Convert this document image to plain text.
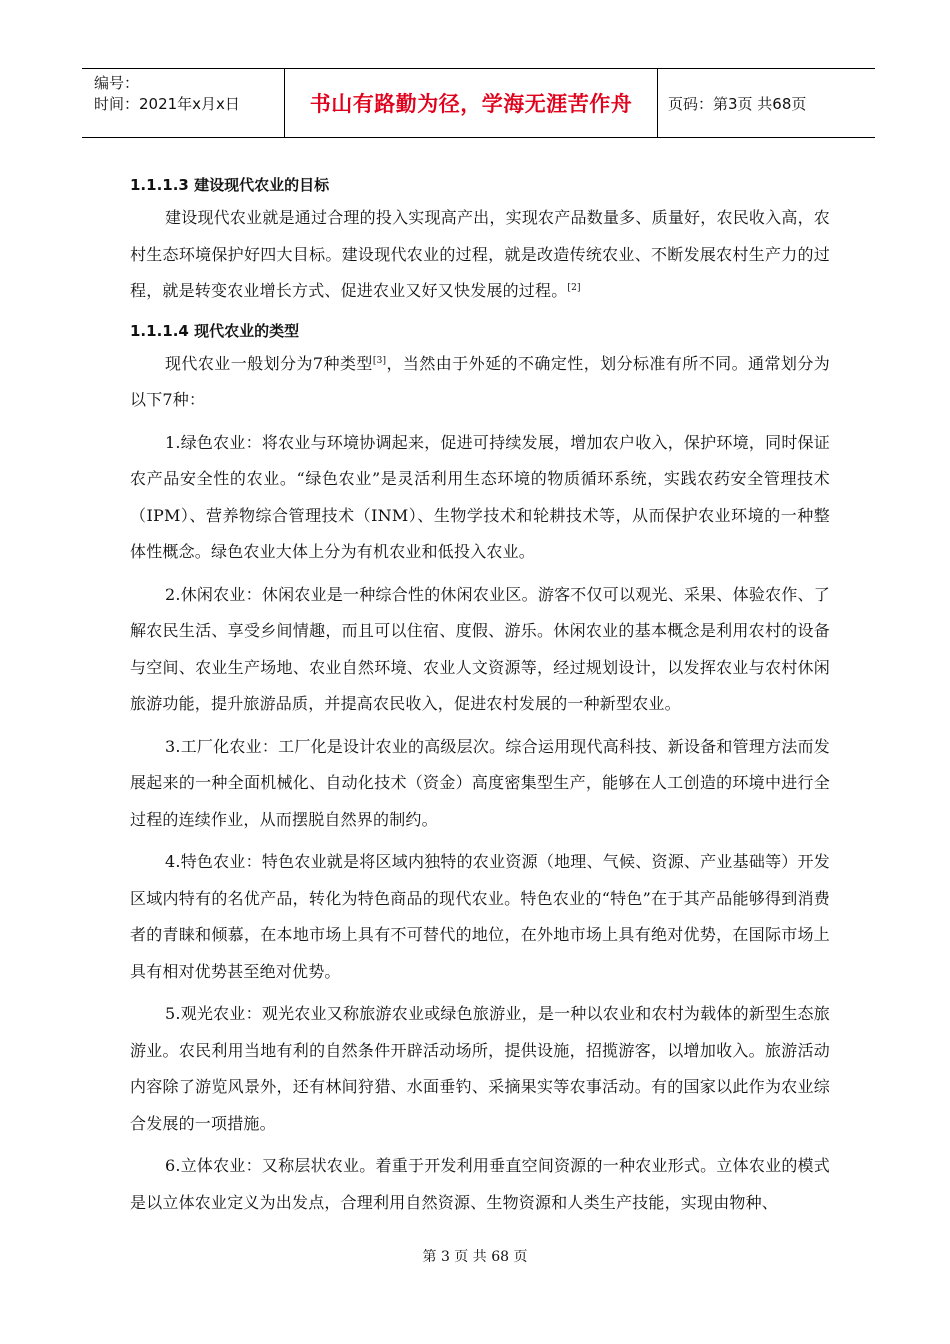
编号：
时间：2021年x月x日	书山有路勤为径，学海无涯苦作舟	页码：第3页 共68页
1.1.1.3 建设现代农业的目标

建设现代农业就是通过合理的投入实现高产出，实现农产品数量多、质量好，农民收入高，农村生态环境保护好四大目标。建设现代农业的过程，就是改造传统农业、不断发展农村生产力的过程，就是转变农业增长方式、促进农业又好又快发展的过程。[2]

1.1.1.4 现代农业的类型

现代农业一般划分为7种类型[3]，当然由于外延的不确定性，划分标准有所不同。通常划分为以下7种：

1.绿色农业：将农业与环境协调起来，促进可持续发展，增加农户收入，保护环境，同时保证农产品安全性的农业。“绿色农业”是灵活利用生态环境的物质循环系统，实践农药安全管理技术（IPM）、营养物综合管理技术（INM）、生物学技术和轮耕技术等，从而保护农业环境的一种整体性概念。绿色农业大体上分为有机农业和低投入农业。

2.休闲农业：休闲农业是一种综合性的休闲农业区。游客不仅可以观光、采果、体验农作、了解农民生活、享受乡间情趣，而且可以住宿、度假、游乐。休闲农业的基本概念是利用农村的设备与空间、农业生产场地、农业自然环境、农业人文资源等，经过规划设计，以发挥农业与农村休闲旅游功能，提升旅游品质，并提高农民收入，促进农村发展的一种新型农业。

3.工厂化农业：工厂化是设计农业的高级层次。综合运用现代高科技、新设备和管理方法而发展起来的一种全面机械化、自动化技术（资金）高度密集型生产，能够在人工创造的环境中进行全过程的连续作业，从而摆脱自然界的制约。

4.特色农业：特色农业就是将区域内独特的农业资源（地理、气候、资源、产业基础等）开发区域内特有的名优产品，转化为特色商品的现代农业。特色农业的“特色”在于其产品能够得到消费者的青睐和倾慕，在本地市场上具有不可替代的地位，在外地市场上具有绝对优势，在国际市场上具有相对优势甚至绝对优势。

5.观光农业：观光农业又称旅游农业或绿色旅游业，是一种以农业和农村为载体的新型生态旅游业。农民利用当地有利的自然条件开辟活动场所，提供设施，招揽游客，以增加收入。旅游活动内容除了游览风景外，还有林间狩猎、水面垂钓、采摘果实等农事活动。有的国家以此作为农业综合发展的一项措施。

6.立体农业：又称层状农业。着重于开发利用垂直空间资源的一种农业形式。立体农业的模式是以立体农业定义为出发点，合理利用自然资源、生物资源和人类生产技能，实现由物种、

第 3 页 共 68 页
